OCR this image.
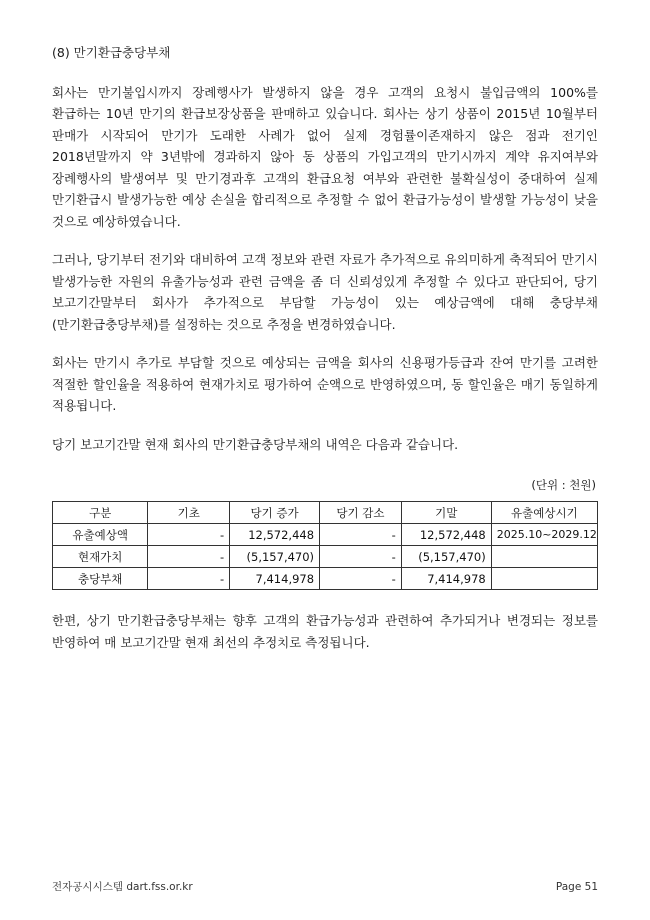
(8) 만기환급충당부채
회사는 만기불입시까지 장례행사가 발생하지 않을 경우 고객의 요청시 불입금액의 100%를 환급하는 10년 만기의 환급보장상품을 판매하고 있습니다. 회사는 상기 상품이 2015년 10월부터 판매가 시작되어 만기가 도래한 사례가 없어 실제 경험률이존재하지 않은 점과 전기인 2018년말까지 약 3년밖에 경과하지 않아 동 상품의 가입고객의 만기시까지 계약 유지여부와 장례행사의 발생여부 및 만기경과후 고객의 환급요청 여부와 관련한 불확실성이 중대하여 실제 만기환급시 발생가능한 예상 손실을 합리적으로 추정할 수 없어 환급가능성이 발생할 가능성이 낮을 것으로 예상하였습니다.
그러나, 당기부터 전기와 대비하여 고객 정보와 관련 자료가 추가적으로 유의미하게 축적되어 만기시 발생가능한 자원의 유출가능성과 관련 금액을 좀 더 신뢰성있게 추정할 수 있다고 판단되어, 당기 보고기간말부터 회사가 추가적으로 부담할 가능성이 있는 예상금액에 대해 충당부채(만기환급충당부채)를 설정하는 것으로 추정을 변경하였습니다.
회사는 만기시 추가로 부담할 것으로 예상되는 금액을 회사의 신용평가등급과 잔여 만기를 고려한 적절한 할인율을 적용하여 현재가치로 평가하여 순액으로 반영하였으며, 동 할인율은 매기 동일하게 적용됩니다.
당기 보고기간말 현재 회사의 만기환급충당부채의 내역은 다음과 같습니다.
(단위 : 천원)
구분	기초	당기 증가	당기 감소	기말	유출예상시기
유출예상액	-	12,572,448	-	12,572,448	2025.10~2029.12
현재가치	-	(5,157,470)	-	(5,157,470)	
충당부채	-	7,414,978	-	7,414,978	
한편, 상기 만기환급충당부채는 향후 고객의 환급가능성과 관련하여 추가되거나 변경되는 정보를 반영하여 매 보고기간말 현재 최선의 추정치로 측정됩니다.
전자공시시스템 dart.fss.or.kr	Page 51
